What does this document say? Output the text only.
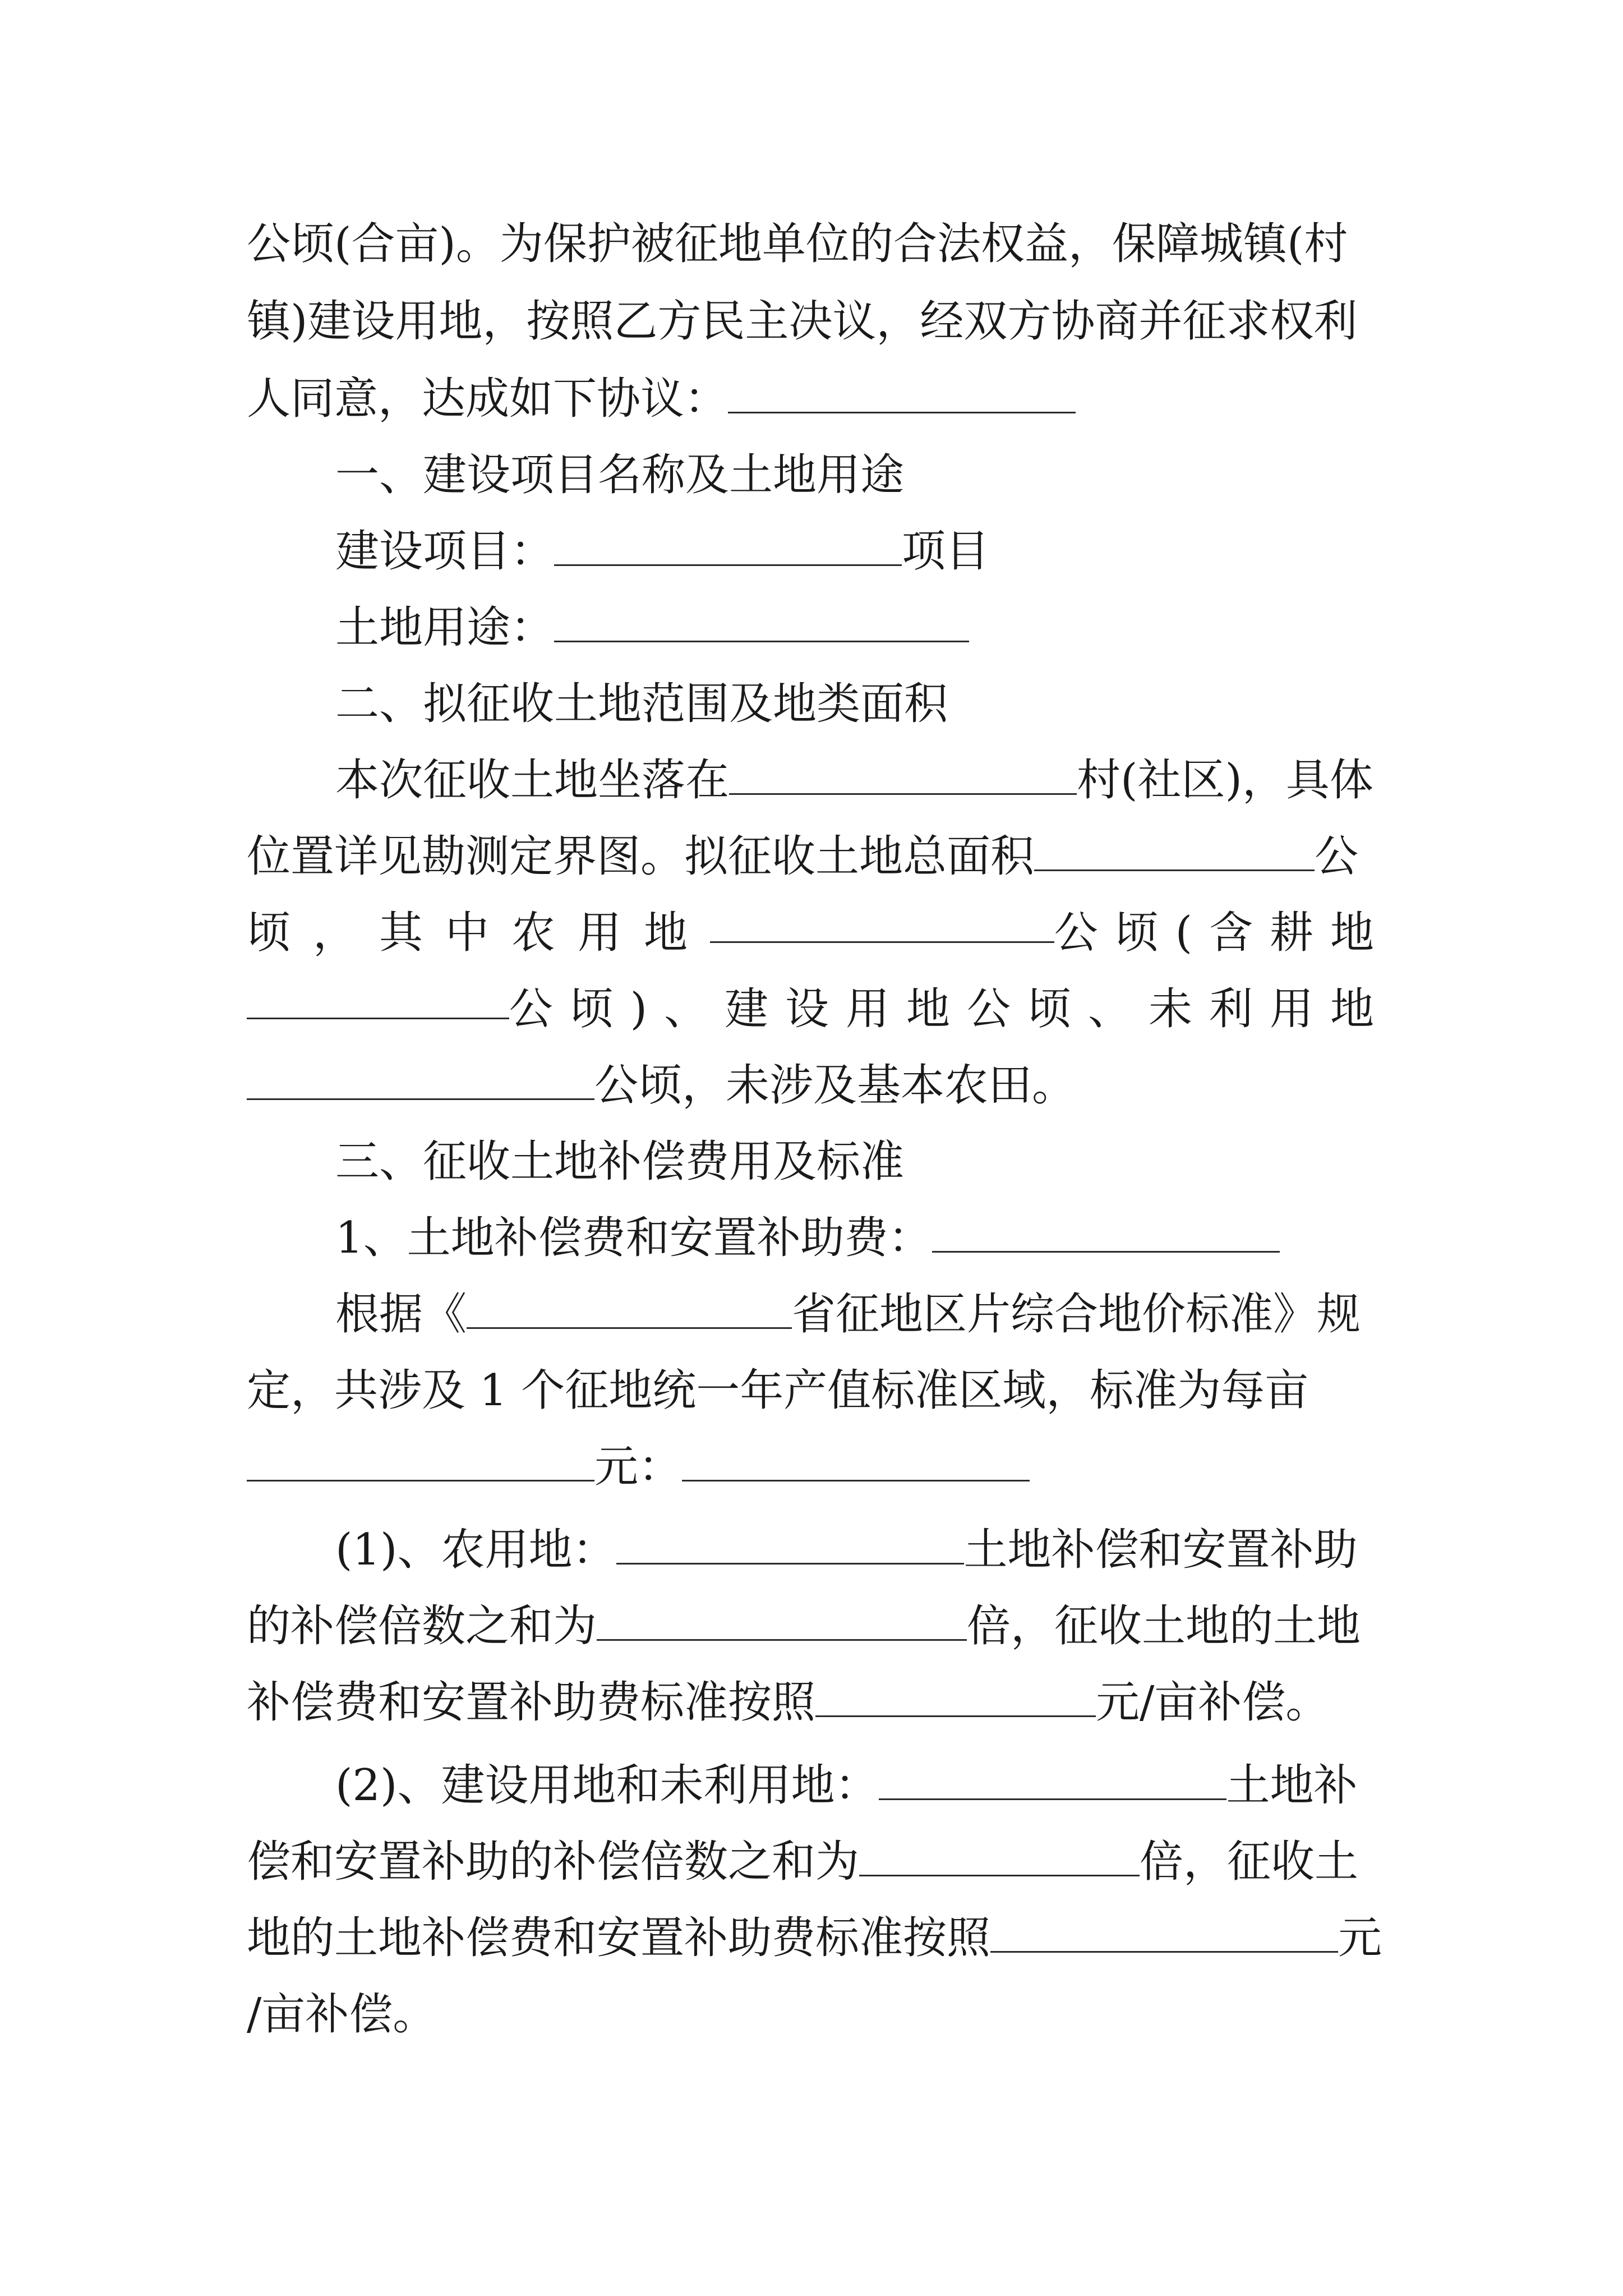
公顷(合亩)。为保护被征地单位的合法权益，保障城镇(村
镇)建设用地，按照乙方民主决议，经双方协商并征求权利
人同意，达成如下协议：
一、建设项目名称及土地用途
建设项目：	项目
土地用途：
二、拟征收土地范围及地类面积
本次征收土地坐落在	村(社区)，具体
位置详见勘测定界图。拟征收土地总面积	公
顷，其中农用地	公顷(含耕地
公顷)、建设用地公顷、未利用地
公顷，未涉及基本农田。
三、征收土地补偿费用及标准
1、土地补偿费和安置补助费：
根据《	省征地区片综合地价标准》规
定，共涉及 1 个征地统一年产值标准区域，标准为每亩
元：
(1)、农用地：	土地补偿和安置补助
的补偿倍数之和为	倍，征收土地的土地
补偿费和安置补助费标准按照	元/亩补偿。
(2)、建设用地和未利用地：	土地补
偿和安置补助的补偿倍数之和为	倍，征收土
地的土地补偿费和安置补助费标准按照	元
/亩补偿。
